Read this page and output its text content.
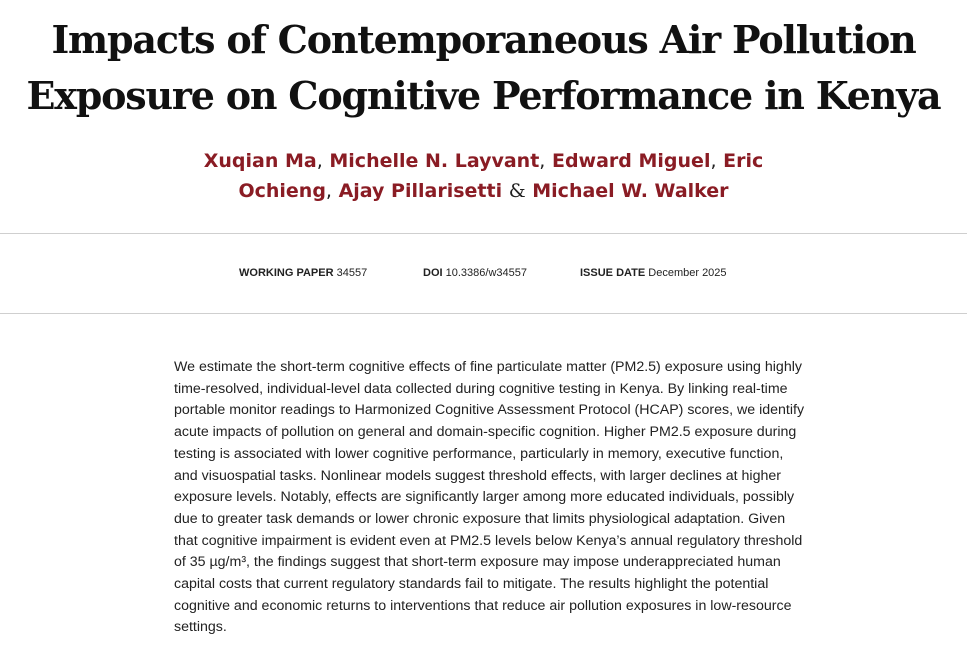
Impacts of Contemporaneous Air Pollution
Exposure on Cognitive Performance in Kenya
Xuqian Ma, Michelle N. Layvant, Edward Miguel, Eric Ochieng, Ajay Pillarisetti & Michael W. Walker
WORKING PAPER 34557	DOI 10.3386/w34557	ISSUE DATE December 2025

We estimate the short-term cognitive effects of fine particulate matter (PM2.5) exposure using highly time-resolved, individual-level data collected during cognitive testing in Kenya. By linking real-time portable monitor readings to Harmonized Cognitive Assessment Protocol (HCAP) scores, we identify acute impacts of pollution on general and domain-specific cognition. Higher PM2.5 exposure during testing is associated with lower cognitive performance, particularly in memory, executive function, and visuospatial tasks. Nonlinear models suggest threshold effects, with larger declines at higher exposure levels. Notably, effects are significantly larger among more educated individuals, possibly due to greater task demands or lower chronic exposure that limits physiological adaptation. Given that cognitive impairment is evident even at PM2.5 levels below Kenya’s annual regulatory threshold of 35 µg/m³, the findings suggest that short-term exposure may impose underappreciated human capital costs that current regulatory standards fail to mitigate. The results highlight the potential cognitive and economic returns to interventions that reduce air pollution exposures in low-resource settings.
